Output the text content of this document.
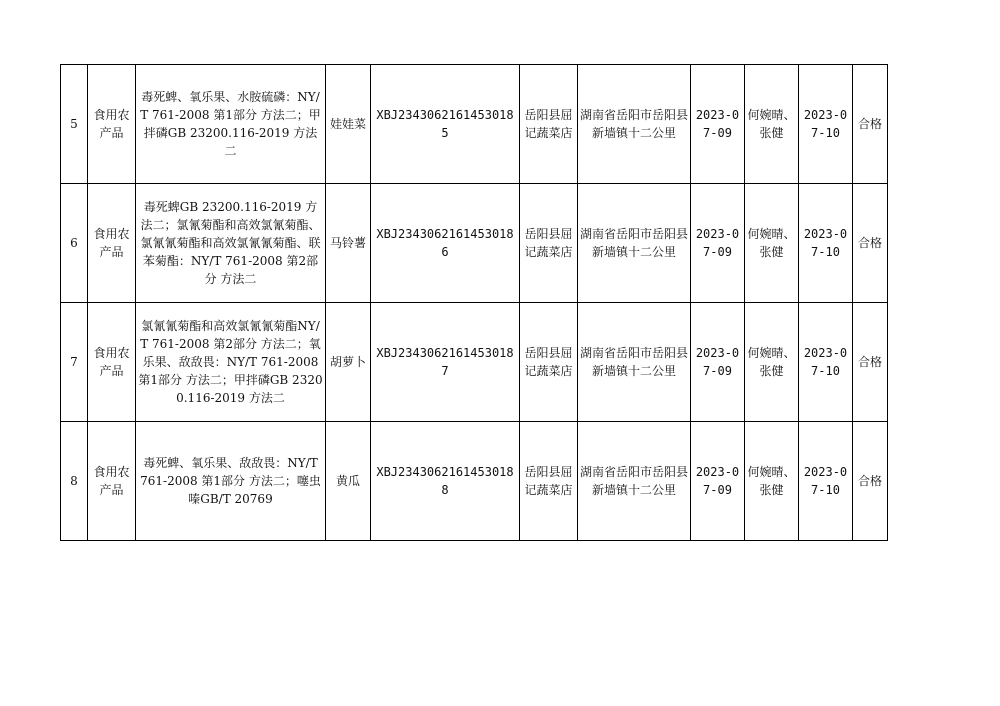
5	食用农产品	毒死蜱、氧乐果、水胺硫磷：NY/T 761-2008 第1部分 方法二；甲拌磷GB 23200.116-2019 方法二	娃娃菜	XBJ23430621614530185	岳阳县屈记蔬菜店	湖南省岳阳市岳阳县新墙镇十二公里	2023-07-09	何婉晴、张健	2023-07-10	合格
6	食用农产品	毒死蜱GB 23200.116-2019 方法二；氯氰菊酯和高效氯氰菊酯、氯氰氰菊酯和高效氯氰氰菊酯、联苯菊酯：NY/T 761-2008 第2部分 方法二	马铃薯	XBJ23430621614530186	岳阳县屈记蔬菜店	湖南省岳阳市岳阳县新墙镇十二公里	2023-07-09	何婉晴、张健	2023-07-10	合格
7	食用农产品	氯氰氰菊酯和高效氯氰氰菊酯NY/T 761-2008 第2部分 方法二；氧乐果、敌敌畏：NY/T 761-2008 第1部分 方法二；甲拌磷GB 23200.116-2019 方法二	胡萝卜	XBJ23430621614530187	岳阳县屈记蔬菜店	湖南省岳阳市岳阳县新墙镇十二公里	2023-07-09	何婉晴、张健	2023-07-10	合格
8	食用农产品	毒死蜱、氧乐果、敌敌畏：NY/T 761-2008 第1部分 方法二；噻虫嗪GB/T 20769	黄瓜	XBJ23430621614530188	岳阳县屈记蔬菜店	湖南省岳阳市岳阳县新墙镇十二公里	2023-07-09	何婉晴、张健	2023-07-10	合格
